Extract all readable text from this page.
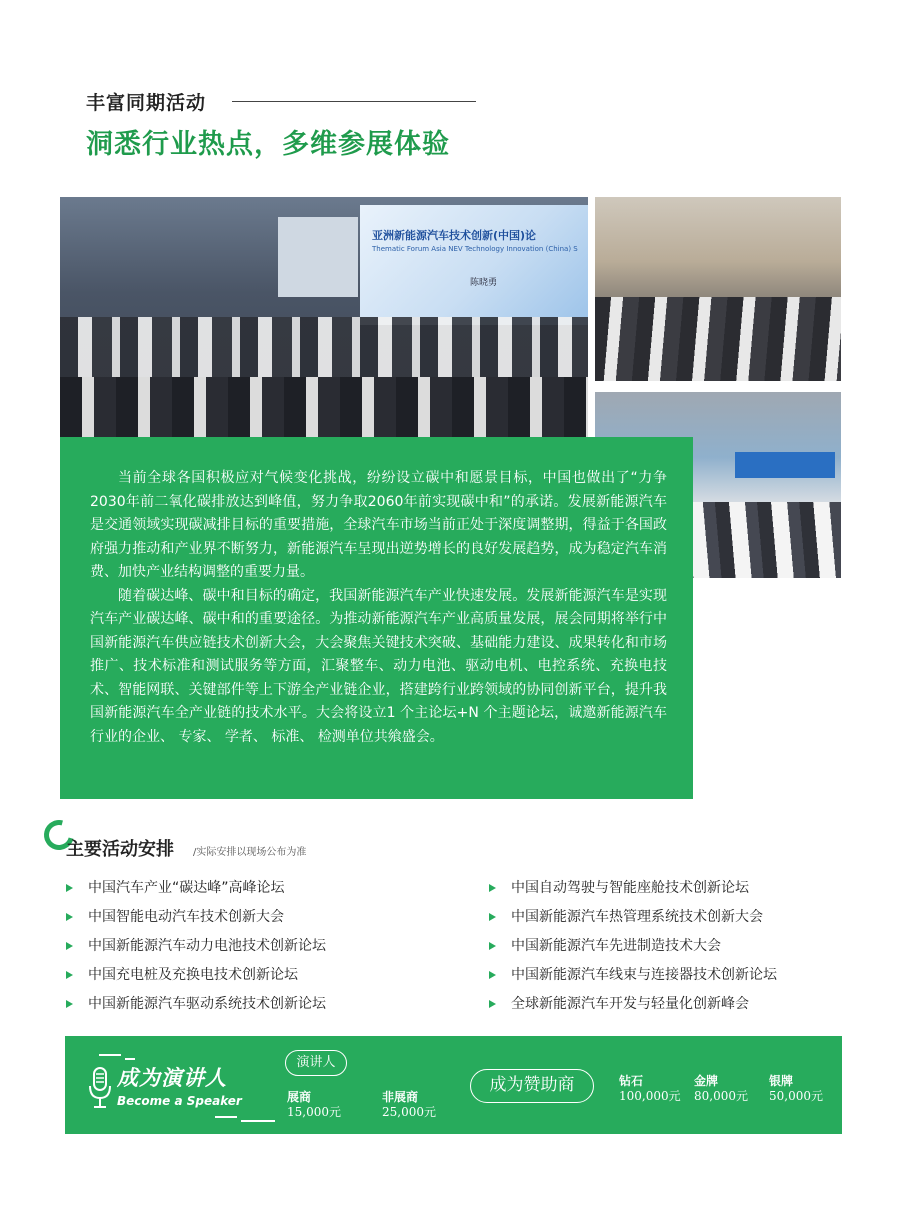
丰富同期活动
洞悉行业热点，多维参展体验
亚洲新能源汽车技术创新(中国)论
Thematic Forum Asia NEV Technology Innovation (China) S
陈晓勇

当前全球各国积极应对气候变化挑战，纷纷设立碳中和愿景目标，中国也做出了“力争2030年前二氧化碳排放达到峰值，努力争取2060年前实现碳中和”的承诺。发展新能源汽车是交通领域实现碳减排目标的重要措施，全球汽车市场当前正处于深度调整期，得益于各国政府强力推动和产业界不断努力，新能源汽车呈现出逆势增长的良好发展趋势，成为稳定汽车消费、加快产业结构调整的重要力量。

随着碳达峰、碳中和目标的确定，我国新能源汽车产业快速发展。发展新能源汽车是实现汽车产业碳达峰、碳中和的重要途径。为推动新能源汽车产业高质量发展，展会同期将举行中国新能源汽车供应链技术创新大会，大会聚焦关键技术突破、基础能力建设、成果转化和市场推广、技术标准和测试服务等方面，汇聚整车、动力电池、驱动电机、电控系统、充换电技术、智能网联、关键部件等上下游全产业链企业，搭建跨行业跨领域的协同创新平台，提升我国新能源汽车全产业链的技术水平。大会将设立1 个主论坛+N 个主题论坛，诚邀新能源汽车行业的企业、 专家、 学者、 标准、 检测单位共飨盛会。

主要活动安排 /实际安排以现场公布为准
中国汽车产业“碳达峰”高峰论坛
中国智能电动汽车技术创新大会
中国新能源汽车动力电池技术创新论坛
中国充电桩及充换电技术创新论坛
中国新能源汽车驱动系统技术创新论坛
中国自动驾驶与智能座舱技术创新论坛
中国新能源汽车热管理系统技术创新大会
中国新能源汽车先进制造技术大会
中国新能源汽车线束与连接器技术创新论坛
全球新能源汽车开发与轻量化创新峰会
成为演讲人
Become a Speaker
演讲人
展商
15,000元
非展商
25,000元
成为赞助商	钻石
100,000元
金牌
80,000元
银牌
50,000元
